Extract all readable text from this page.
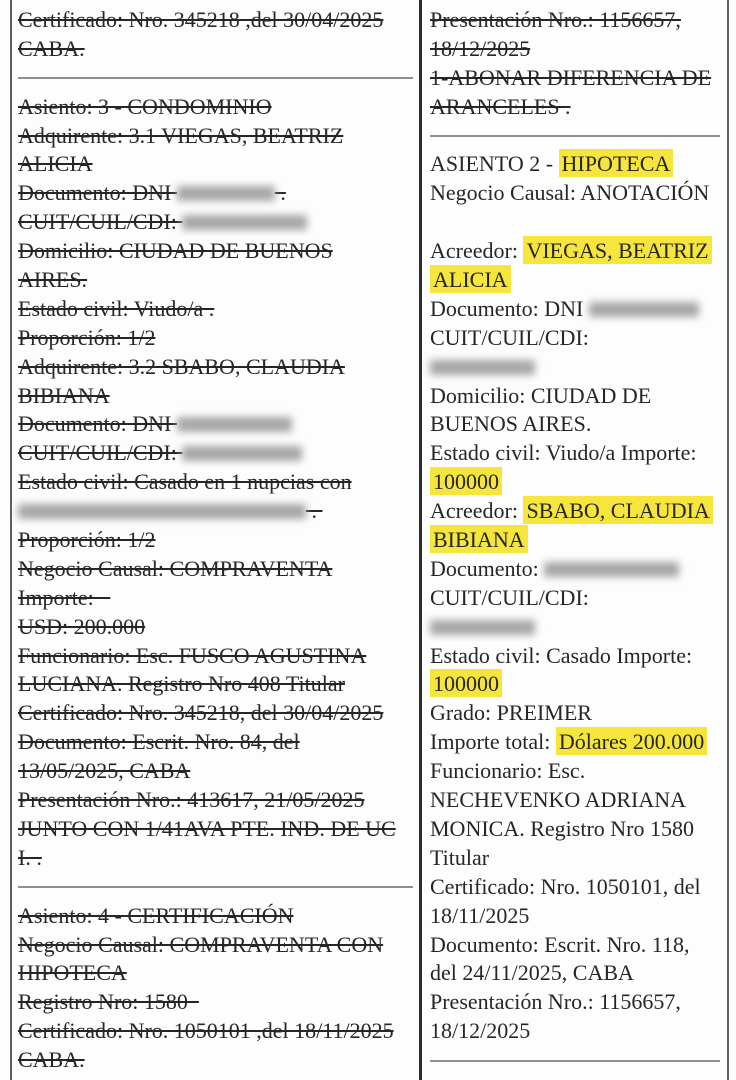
Certificado: Nro. 345218 ,del 30/04/2025
CABA.
Asiento: 3 - CONDOMINIO
Adquirente: 3.1 VIEGAS, BEATRIZ
ALICIA
Documento: DNI	.
CUIT/CUIL/CDI:
Domicilio: CIUDAD DE BUENOS
AIRES.
Estado civil: Viudo/a .
Proporción: 1/2
Adquirente: 3.2 SBABO, CLAUDIA
BIBIANA
Documento: DNI
CUIT/CUIL/CDI:
Estado civil: Casado en 1 nupcias con
.
Proporción: 1/2
Negocio Causal: COMPRAVENTA
Importe:
USD: 200.000
Funcionario: Esc. FUSCO AGUSTINA
LUCIANA. Registro Nro 408 Titular
Certificado: Nro. 345218, del 30/04/2025
Documento: Escrit. Nro. 84, del
13/05/2025, CABA
Presentación Nro.: 413617, 21/05/2025
JUNTO CON 1/41AVA PTE. IND. DE UC
I. .
Asiento: 4 - CERTIFICACIÓN
Negocio Causal: COMPRAVENTA CON
HIPOTECA
Registro Nro: 1580
Certificado: Nro. 1050101 ,del 18/11/2025
CABA.
Presentación Nro.: 1156657,
18/12/2025
1-ABONAR DIFERENCIA DE
ARANCELES .
ASIENTO 2 - HIPOTECA
Negocio Causal: ANOTACIÓN

Acreedor: VIEGAS, BEATRIZ
ALICIA
Documento: DNI
CUIT/CUIL/CDI:
Domicilio: CIUDAD DE
BUENOS AIRES.
Estado civil: Viudo/a Importe:
100000
Acreedor: SBABO, CLAUDIA
BIBIANA
Documento:
CUIT/CUIL/CDI:
Estado civil: Casado Importe:
100000
Grado: PREIMER
Importe total: Dólares 200.000
Funcionario: Esc.
NECHEVENKO ADRIANA
MONICA. Registro Nro 1580
Titular
Certificado: Nro. 1050101, del
18/11/2025
Documento: Escrit. Nro. 118,
del 24/11/2025, CABA
Presentación Nro.: 1156657,
18/12/2025
